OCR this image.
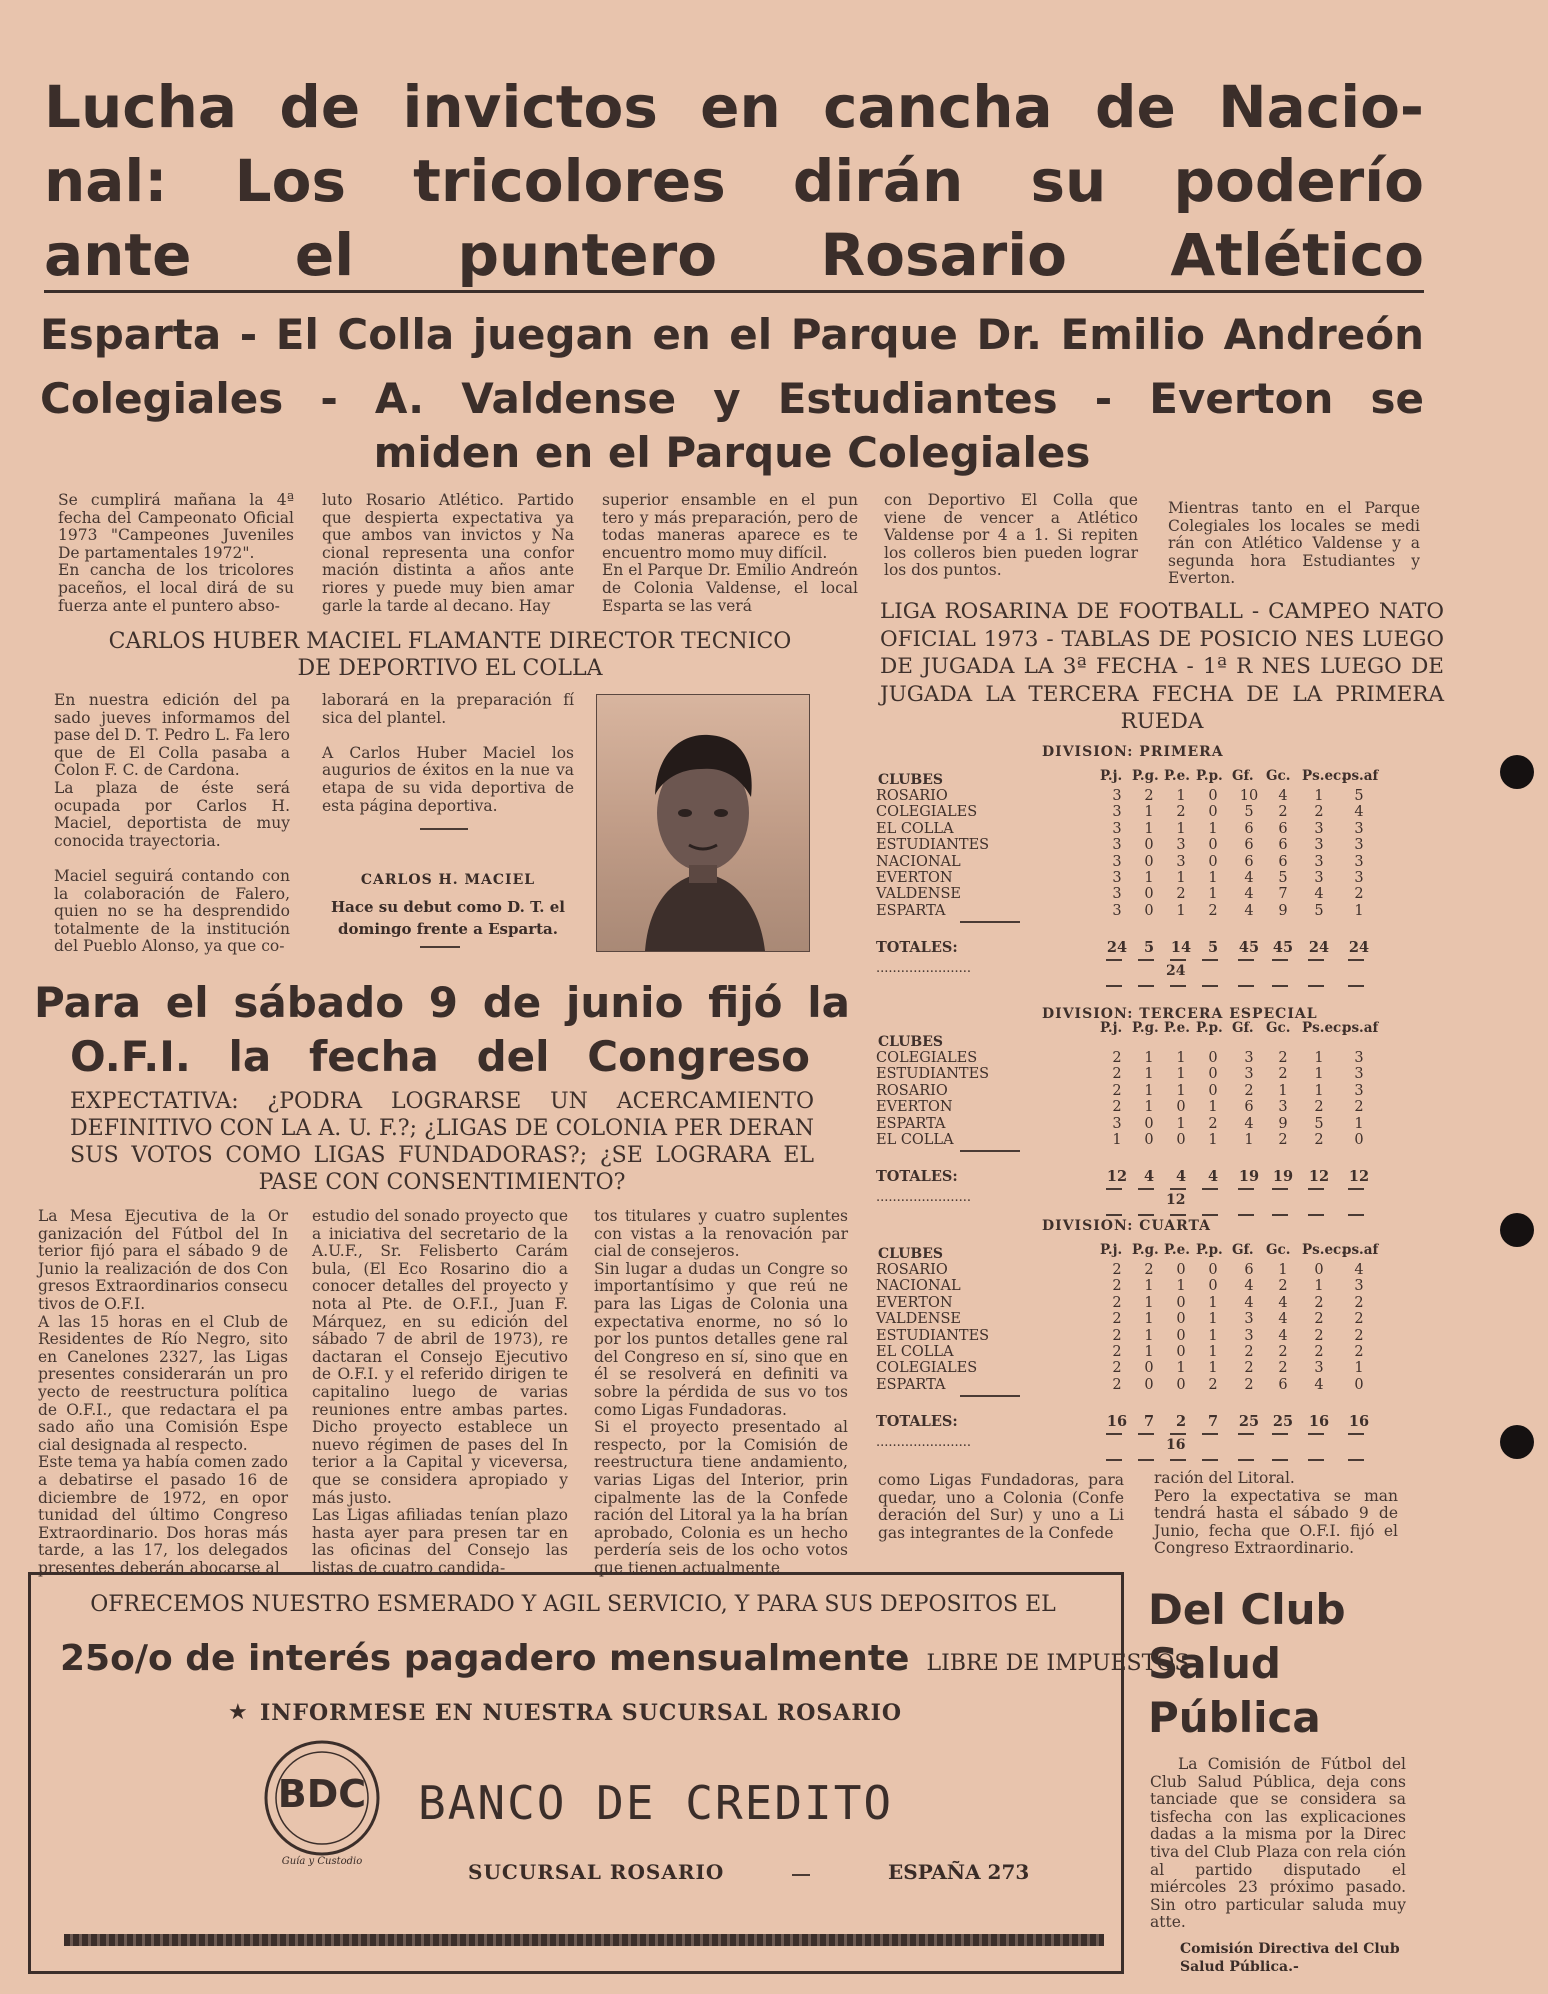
Lucha de invictos en cancha de Nacio-
nal: Los tricolores dirán su poderío
ante el puntero Rosario Atlético
Esparta - El Colla juegan en el Parque Dr. Emilio Andreón
Colegiales - A. Valdense y Estudiantes - Everton se
miden en el Parque Colegiales
Se cumplirá mañana la 4ª fecha del Campeonato Oficial 1973 "Campeones Juveniles De partamentales 1972".
En cancha de los tricolores paceños, el local dirá de su fuerza ante el puntero abso-
luto Rosario Atlético. Partido que despierta expectativa ya que ambos van invictos y Na cional representa una confor mación distinta a años ante riores y puede muy bien amar garle la tarde al decano. Hay
superior ensamble en el pun tero y más preparación, pero de todas maneras aparece es te encuentro momo muy difícil.
En el Parque Dr. Emilio Andreón de Colonia Valdense, el local Esparta se las verá
con Deportivo El Colla que viene de vencer a Atlético Valdense por 4 a 1. Si repiten los colleros bien pueden lograr los dos puntos.
Mientras tanto en el Parque Colegiales los locales se medi rán con Atlético Valdense y a segunda hora Estudiantes y Everton.
CARLOS HUBER MACIEL FLAMANTE DIRECTOR TECNICO DE DEPORTIVO EL COLLA
En nuestra edición del pa sado jueves informamos del pase del D. T. Pedro L. Fa lero que de El Colla pasaba a Colon F. C. de Cardona.
La plaza de éste será ocupada por Carlos H. Maciel, deportista de muy conocida trayectoria.

Maciel seguirá contando con la colaboración de Falero, quien no se ha desprendido totalmente de la institución del Pueblo Alonso, ya que co-
laborará en la preparación fí sica del plantel.

A Carlos Huber Maciel los augurios de éxitos en la nue va etapa de su vida deportiva de esta página deportiva.
CARLOS H. MACIEL
Hace su debut como D. T. el domingo frente a Esparta.
Para el sábado 9 de junio fijó la
O.F.I. la fecha del Congreso
EXPECTATIVA: ¿PODRA LOGRARSE UN ACERCAMIENTO DEFINITIVO CON LA A. U. F.?; ¿LIGAS DE COLONIA PER DERAN SUS VOTOS COMO LIGAS FUNDADORAS?; ¿SE LOGRARA EL PASE CON CONSENTIMIENTO?
La Mesa Ejecutiva de la Or ganización del Fútbol del In terior fijó para el sábado 9 de Junio la realización de dos Con gresos Extraordinarios consecu tivos de O.F.I.
A las 15 horas en el Club de Residentes de Río Negro, sito en Canelones 2327, las Ligas presentes considerarán un pro yecto de reestructura política de O.F.I., que redactara el pa sado año una Comisión Espe cial designada al respecto.
Este tema ya había comen zado a debatirse el pasado 16 de diciembre de 1972, en opor tunidad del último Congreso Extraordinario. Dos horas más tarde, a las 17, los delegados presentes deberán abocarse al
estudio del sonado proyecto que a iniciativa del secretario de la A.U.F., Sr. Felisberto Carám bula, (El Eco Rosarino dio a conocer detalles del proyecto y nota al Pte. de O.F.I., Juan F. Márquez, en su edición del sábado 7 de abril de 1973), re dactaran el Consejo Ejecutivo de O.F.I. y el referido dirigen te capitalino luego de varias reuniones entre ambas partes. Dicho proyecto establece un nuevo régimen de pases del In terior a la Capital y viceversa, que se considera apropiado y más justo.
Las Ligas afiliadas tenían plazo hasta ayer para presen tar en las oficinas del Consejo las listas de cuatro candida-
tos titulares y cuatro suplentes con vistas a la renovación par cial de consejeros.
Sin lugar a dudas un Congre so importantísimo y que reú ne para las Ligas de Colonia una expectativa enorme, no só lo por los puntos detalles gene ral del Congreso en sí, sino que en él se resolverá en definiti va sobre la pérdida de sus vo tos como Ligas Fundadoras.
Si el proyecto presentado al respecto, por la Comisión de reestructura tiene andamiento, varias Ligas del Interior, prin cipalmente las de la Confede ración del Litoral ya la ha brían aprobado, Colonia es un hecho perdería seis de los ocho votos que tienen actualmente
como Ligas Fundadoras, para quedar, uno a Colonia (Confe deración del Sur) y uno a Li gas integrantes de la Confede
ración del Litoral.
Pero la expectativa se man tendrá hasta el sábado 9 de Junio, fecha que O.F.I. fijó el Congreso Extraordinario.
LIGA ROSARINA DE FOOTBALL - CAMPEO NATO OFICIAL 1973 - TABLAS DE POSICIO NES LUEGO DE JUGADA LA 3ª FECHA - 1ª R NES LUEGO DE JUGADA LA TERCERA FECHA DE LA PRIMERA RUEDA
DIVISION: PRIMERA
CLUBES	P.j. P.g. P.e. P.p. Gf. Gc. Ps.ec.
ps.af
ROSARIO	3	2	1	0	10	4	1	5
COLEGIALES	3	1	2	0	5	2	2	4
EL COLLA	3	1	1	1	6	6	3	3
ESTUDIANTES	3	0	3	0	6	6	3	3
NACIONAL	3	0	3	0	6	6	3	3
EVERTON	3	1	1	1	4	5	3	3
VALDENSE	3	0	2	1	4	7	4	2
ESPARTA	3	0	1	2	4	9	5	1
TOTALES:	24	5	14	5	45 45 24 24
24
.......................
DIVISION: TERCERA ESPECIAL
CLUBES
P.j. P.g. P.e. P.p. Gf. Gc. Ps.ec.
ps.af
COLEGIALES	2	1	1	0	3	2	1	3
ESTUDIANTES	2	1	1	0	3	2	1	3
ROSARIO	2	1	1	0	2	1	1	3
EVERTON	2	1	0	1	6	3	2	2
ESPARTA	3	0	1	2	4	9	5	1
EL COLLA	1	0	0	1	1	2	2	0
TOTALES:	12	4	4	4	19 19 12 12
12
.......................
DIVISION: CUARTA
CLUBES	P.j. P.g. P.e. P.p. Gf. Gc. Ps.ec.
ps.af
ROSARIO	2	2	0	0	6	1	0	4
NACIONAL	2	1	1	0	4	2	1	3
EVERTON	2	1	0	1	4	4	2	2
VALDENSE	2	1	0	1	3	4	2	2
ESTUDIANTES	2	1	0	1	3	4	2	2
EL COLLA	2	1	0	1	2	2	2	2
COLEGIALES	2	0	1	1	2	2	3	1
ESPARTA	2	0	0	2	2	6	4	0
TOTALES:	16	7	2	7	25 25 16 16
16
.......................
OFRECEMOS NUESTRO ESMERADO Y AGIL SERVICIO, Y PARA SUS DEPOSITOS EL
25o/o de interés pagadero mensualmente LIBRE DE IMPUESTOS
★ INFORMESE EN NUESTRA SUCURSAL ROSARIO
BDC
Guía y Custodio
BANCO DE CREDITO
SUCURSAL ROSARIO	ESPAÑA 273
Del Club
Salud
Pública
La Comisión de Fútbol del Club Salud Pública, deja cons tanciade que se considera sa tisfecha con las explicaciones dadas a la misma por la Direc tiva del Club Plaza con rela ción al partido disputado el miércoles 23 próximo pasado. Sin otro particular saluda muy atte.
Comisión Directiva del Club Salud Pública.-
